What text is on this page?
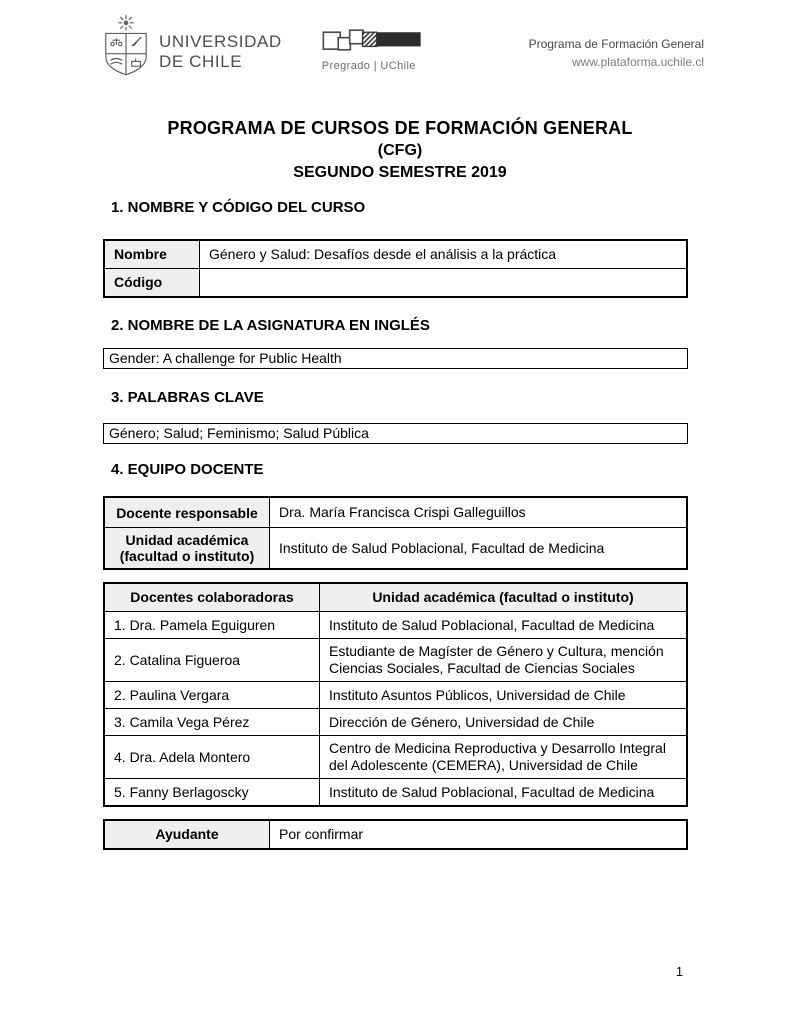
UNIVERSIDAD
DE CHILE	Pregrado | UChile
Programa de Formación General
www.plataforma.uchile.cl
PROGRAMA DE CURSOS DE FORMACIÓN GENERAL
(CFG)
SEGUNDO SEMESTRE 2019
1. NOMBRE Y CÓDIGO DEL CURSO
Nombre	Género y Salud: Desafíos desde el análisis a la práctica
Código	
2. NOMBRE DE LA ASIGNATURA EN INGLÉS
Gender: A challenge for Public Health
3. PALABRAS CLAVE
Género; Salud; Feminismo; Salud Pública
4. EQUIPO DOCENTE
Docente responsable	Dra. María Francisca Crispi Galleguillos
Unidad académica (facultad o instituto)	Instituto de Salud Poblacional, Facultad de Medicina
Docentes colaboradoras	Unidad académica (facultad o instituto)
1. Dra. Pamela Eguiguren	Instituto de Salud Poblacional, Facultad de Medicina
2. Catalina Figueroa	Estudiante de Magíster de Género y Cultura, mención Ciencias Sociales, Facultad de Ciencias Sociales
2. Paulina Vergara	Instituto Asuntos Públicos, Universidad de Chile
3. Camila Vega Pérez	Dirección de Género, Universidad de Chile
4. Dra. Adela Montero	Centro de Medicina Reproductiva y Desarrollo Integral del Adolescente (CEMERA), Universidad de Chile
5. Fanny Berlagoscky	Instituto de Salud Poblacional, Facultad de Medicina
Ayudante	Por confirmar
1
